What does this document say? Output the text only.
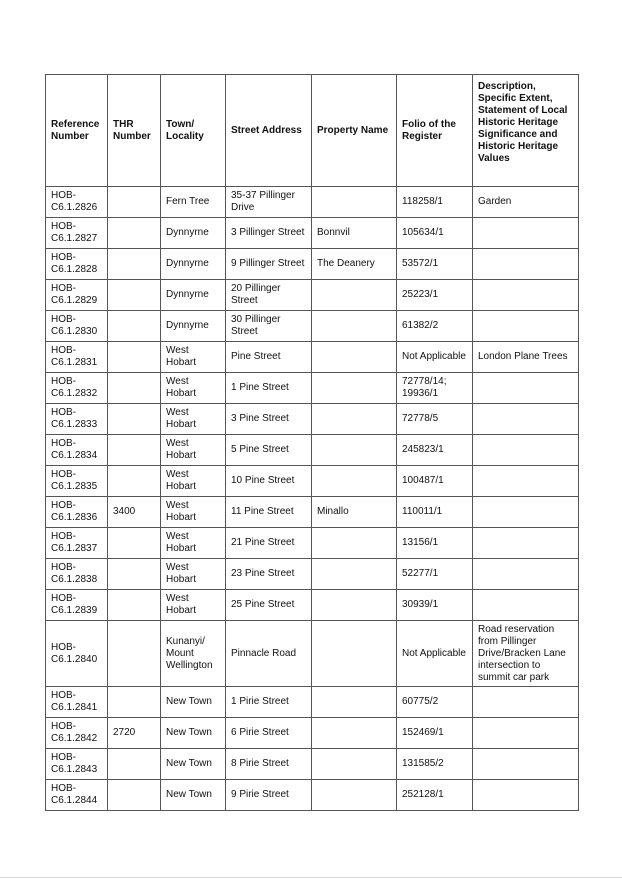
Reference Number	THR Number	Town/ Locality	Street Address	Property Name	Folio of the Register	Description, Specific Extent, Statement of Local Historic Heritage Significance and Historic Heritage Values
HOB-C6.1.2826		Fern Tree	35-37 Pillinger Drive		118258/1	Garden
HOB-C6.1.2827		Dynnyrne	3 Pillinger Street	Bonnvil	105634/1	
HOB-C6.1.2828		Dynnyrne	9 Pillinger Street	The Deanery	53572/1	
HOB-C6.1.2829		Dynnyrne	20 Pillinger Street		25223/1	
HOB-C6.1.2830		Dynnyrne	30 Pillinger Street		61382/2	
HOB-C6.1.2831		West Hobart	Pine Street		Not Applicable	London Plane Trees
HOB-C6.1.2832		West Hobart	1 Pine Street		72778/14; 19936/1	
HOB-C6.1.2833		West Hobart	3 Pine Street		72778/5	
HOB-C6.1.2834		West Hobart	5 Pine Street		245823/1	
HOB-C6.1.2835		West Hobart	10 Pine Street		100487/1	
HOB-C6.1.2836	3400	West Hobart	11 Pine Street	Minallo	110011/1	
HOB-C6.1.2837		West Hobart	21 Pine Street		13156/1	
HOB-C6.1.2838		West Hobart	23 Pine Street		52277/1	
HOB-C6.1.2839		West Hobart	25 Pine Street		30939/1	
HOB-C6.1.2840		Kunanyi/ Mount Wellington	Pinnacle Road		Not Applicable	Road reservation from Pillinger Drive/Bracken Lane intersection to summit car park
HOB-C6.1.2841		New Town	1 Pirie Street		60775/2	
HOB-C6.1.2842	2720	New Town	6 Pirie Street		152469/1	
HOB-C6.1.2843		New Town	8 Pirie Street		131585/2	
HOB-C6.1.2844		New Town	9 Pirie Street		252128/1	
